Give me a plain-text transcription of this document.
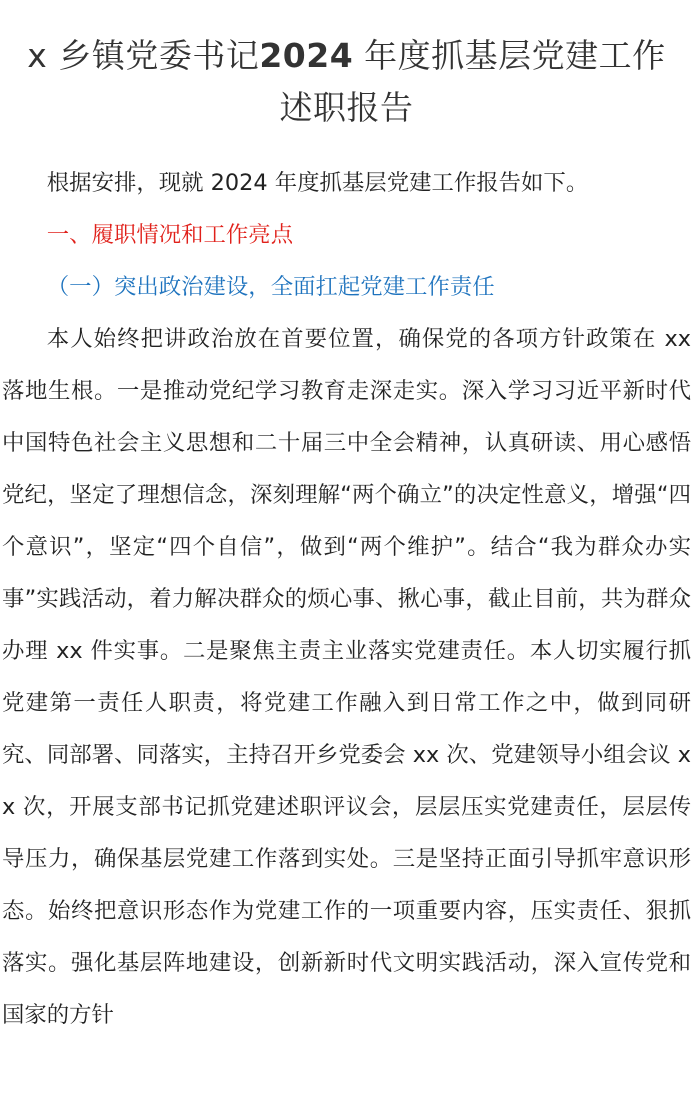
x 乡镇党委书记2024 年度抓基层党建工作
述职报告

根据安排，现就 2024 年度抓基层党建工作报告如下。

一、履职情况和工作亮点

（一）突出政治建设，全面扛起党建工作责任

本人始终把讲政治放在首要位置，确保党的各项方针政策在 xx 落地生根。一是推动党纪学习教育走深走实。深入学习习近平新时代中国特色社会主义思想和二十届三中全会精神，认真研读、用心感悟党纪，坚定了理想信念，深刻理解“两个确立”的决定性意义，增强“四个意识”，坚定“四个自信”，做到“两个维护”。结合“我为群众办实事”实践活动，着力解决群众的烦心事、揪心事，截止目前，共为群众办理 xx 件实事。二是聚焦主责主业落实党建责任。本人切实履行抓党建第一责任人职责，将党建工作融入到日常工作之中，做到同研究、同部署、同落实，主持召开乡党委会 xx 次、党建领导小组会议 xx 次，开展支部书记抓党建述职评议会，层层压实党建责任，层层传导压力，确保基层党建工作落到实处。三是坚持正面引导抓牢意识形态。始终把意识形态作为党建工作的一项重要内容，压实责任、狠抓落实。强化基层阵地建设，创新新时代文明实践活动，深入宣传党和国家的方针
